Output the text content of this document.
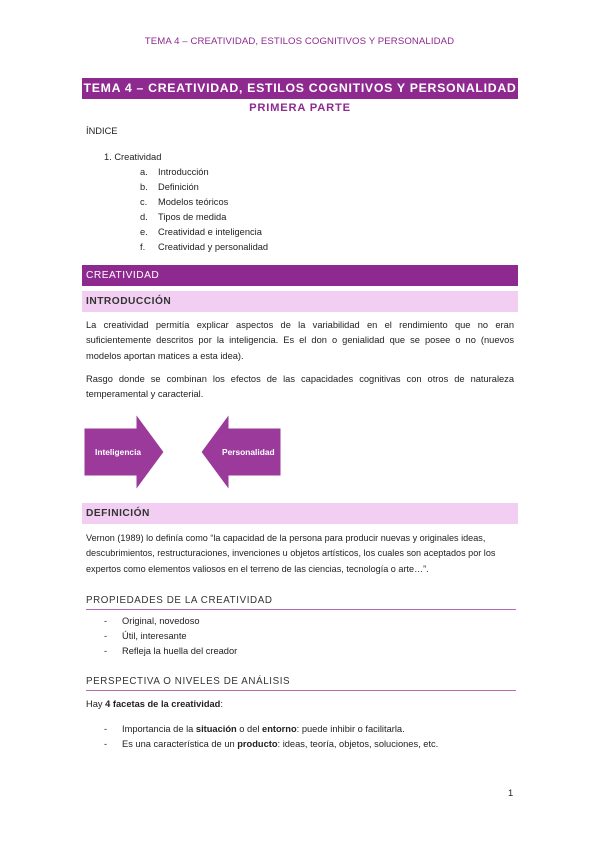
TEMA 4 – CREATIVIDAD, ESTILOS COGNITIVOS Y PERSONALIDAD
TEMA 4 – CREATIVIDAD, ESTILOS COGNITIVOS Y PERSONALIDAD
PRIMERA PARTE
ÍNDICE
1. Creatividad
a. Introducción
b. Definición
c. Modelos teóricos
d. Tipos de medida
e. Creatividad e inteligencia
f. Creatividad y personalidad
CREATIVIDAD
INTRODUCCIÓN
La creatividad permitía explicar aspectos de la variabilidad en el rendimiento que no eran suficientemente descritos por la inteligencia. Es el don o genialidad que se posee o no (nuevos modelos aportan matices a esta idea).
Rasgo donde se combinan los efectos de las capacidades cognitivas con otros de naturaleza temperamental y caracterial.
Inteligencia	Personalidad
DEFINICIÓN
Vernon (1989) lo definía como “la capacidad de la persona para producir nuevas y originales ideas, descubrimientos, restructuraciones, invenciones u objetos artísticos, los cuales son aceptados por los expertos como elementos valiosos en el terreno de las ciencias, tecnología o arte…”.
PROPIEDADES DE LA CREATIVIDAD
- Original, novedoso
- Útil, interesante
- Refleja la huella del creador
PERSPECTIVA O NIVELES DE ANÁLISIS
Hay 4 facetas de la creatividad:
- Importancia de la situación o del entorno: puede inhibir o facilitarla.
- Es una característica de un producto: ideas, teoría, objetos, soluciones, etc.
1
